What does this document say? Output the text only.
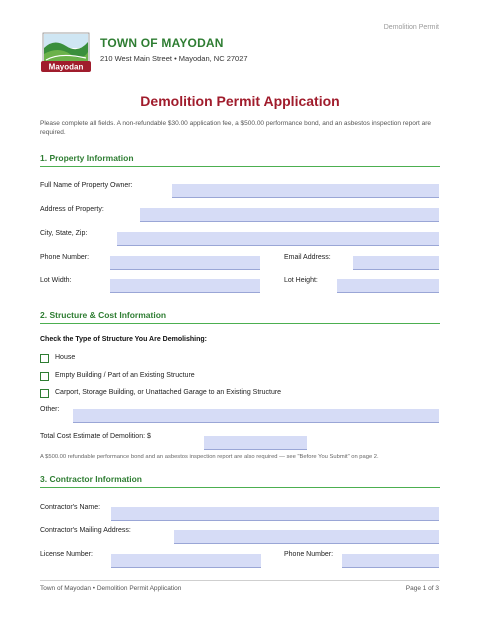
Demolition Permit
Mayodan
TOWN OF MAYODAN
210 West Main Street • Mayodan, NC 27027
Demolition Permit Application
Please complete all fields. A non-refundable $30.00 application fee, a $500.00 performance bond, and an asbestos inspection report are required.
1. Property Information
Full Name of Property Owner:
Address of Property:
City, State, Zip:
Phone Number:	Email Address:
Lot Width:	Lot Height:
2. Structure & Cost Information
Check the Type of Structure You Are Demolishing:
House
Empty Building / Part of an Existing Structure
Carport, Storage Building, or Unattached Garage to an Existing Structure
Other:
Total Cost Estimate of Demolition: $
A $500.00 refundable performance bond and an asbestos inspection report are also required — see "Before You Submit" on page 2.
3. Contractor Information
Contractor's Name:
Contractor's Mailing Address:
License Number:	Phone Number:
Town of Mayodan • Demolition Permit Application	Page 1 of 3
